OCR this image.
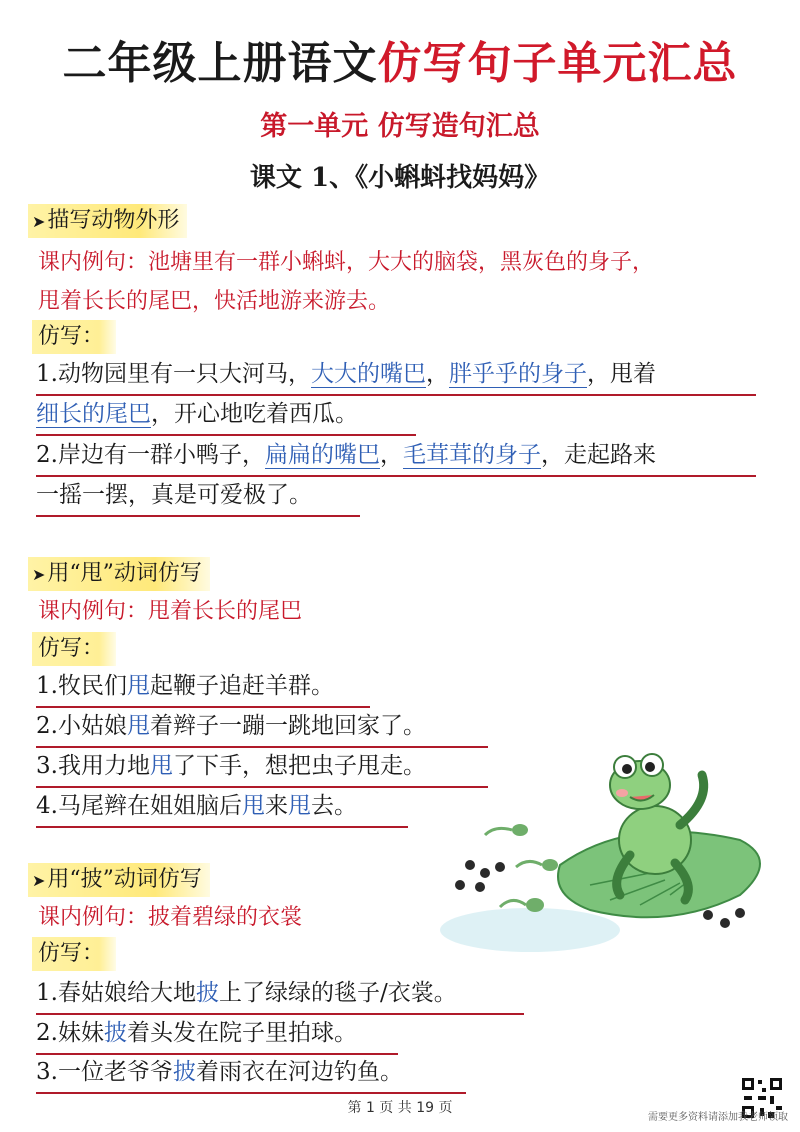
二年级上册语文仿写句子单元汇总
第一单元 仿写造句汇总
课文 1、《小蝌蚪找妈妈》
➤描写动物外形
课内例句：池塘里有一群小蝌蚪，大大的脑袋，黑灰色的身子，
甩着长长的尾巴，快活地游来游去。
仿写：
1.动物园里有一只大河马，大大的嘴巴，胖乎乎的身子，甩着
细长的尾巴，开心地吃着西瓜。
2.岸边有一群小鸭子，扁扁的嘴巴，毛茸茸的身子，走起路来
一摇一摆，真是可爱极了。
➤用“甩”动词仿写
课内例句：甩着长长的尾巴
仿写：
1.牧民们甩起鞭子追赶羊群。
2.小姑娘甩着辫子一蹦一跳地回家了。
3.我用力地甩了下手，想把虫子甩走。
4.马尾辫在姐姐脑后甩来甩去。
➤用“披”动词仿写
课内例句：披着碧绿的衣裳
仿写：
1.春姑娘给大地披上了绿绿的毯子/衣裳。
2.妹妹披着头发在院子里拍球。
3.一位老爷爷披着雨衣在河边钓鱼。
第 1 页 共 19 页
需要更多资料请添加我老师领取
